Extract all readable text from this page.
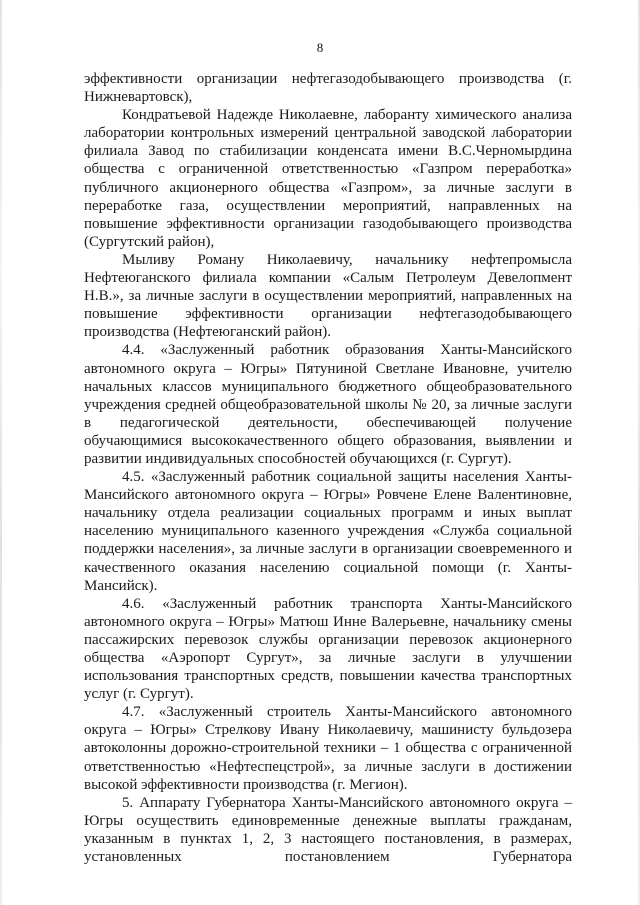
8

эффективности организации нефтегазодобывающего производства (г. Нижневартовск),

Кондратьевой Надежде Николаевне, лаборанту химического анализа лаборатории контрольных измерений центральной заводской лаборатории филиала Завод по стабилизации конденсата имени В.С.Черномырдина общества с ограниченной ответственностью «Газпром переработка» публичного акционерного общества «Газпром», за личные заслуги в переработке газа, осуществлении мероприятий, направленных на повышение эффективности организации газодобывающего производства (Сургутский район),

Мыливу Роману Николаевичу, начальнику нефтепромысла Нефтеюганского филиала компании «Салым Петролеум Девелопмент Н.В.», за личные заслуги в осуществлении мероприятий, направленных на повышение эффективности организации нефтегазодобывающего производства (Нефтеюганский район).

4.4. «Заслуженный работник образования Ханты-Мансийского автономного округа – Югры» Пятуниной Светлане Ивановне, учителю начальных классов муниципального бюджетного общеобразовательного учреждения средней общеобразовательной школы № 20, за личные заслуги в педагогической деятельности, обеспечивающей получение обучающимися высококачественного общего образования, выявлении и развитии индивидуальных способностей обучающихся (г. Сургут).

4.5. «Заслуженный работник социальной защиты населения Ханты-Мансийского автономного округа – Югры» Ровчене Елене Валентиновне, начальнику отдела реализации социальных программ и иных выплат населению муниципального казенного учреждения «Служба социальной поддержки населения», за личные заслуги в организации своевременного и качественного оказания населению социальной помощи (г. Ханты-Мансийск).

4.6. «Заслуженный работник транспорта Ханты-Мансийского автономного округа – Югры» Матюш Инне Валерьевне, начальнику смены пассажирских перевозок службы организации перевозок акционерного общества «Аэропорт Сургут», за личные заслуги в улучшении использования транспортных средств, повышении качества транспортных услуг (г. Сургут).

4.7. «Заслуженный строитель Ханты-Мансийского автономного округа – Югры» Стрелкову Ивану Николаевичу, машинисту бульдозера автоколонны дорожно-строительной техники – 1 общества с ограниченной ответственностью «Нефтеспецстрой», за личные заслуги в достижении высокой эффективности производства (г. Мегион).

5. Аппарату Губернатора Ханты-Мансийского автономного округа – Югры осуществить единовременные денежные выплаты гражданам, указанным в пунктах 1, 2, 3 настоящего постановления, в размерах, установленных постановлением Губернатора
